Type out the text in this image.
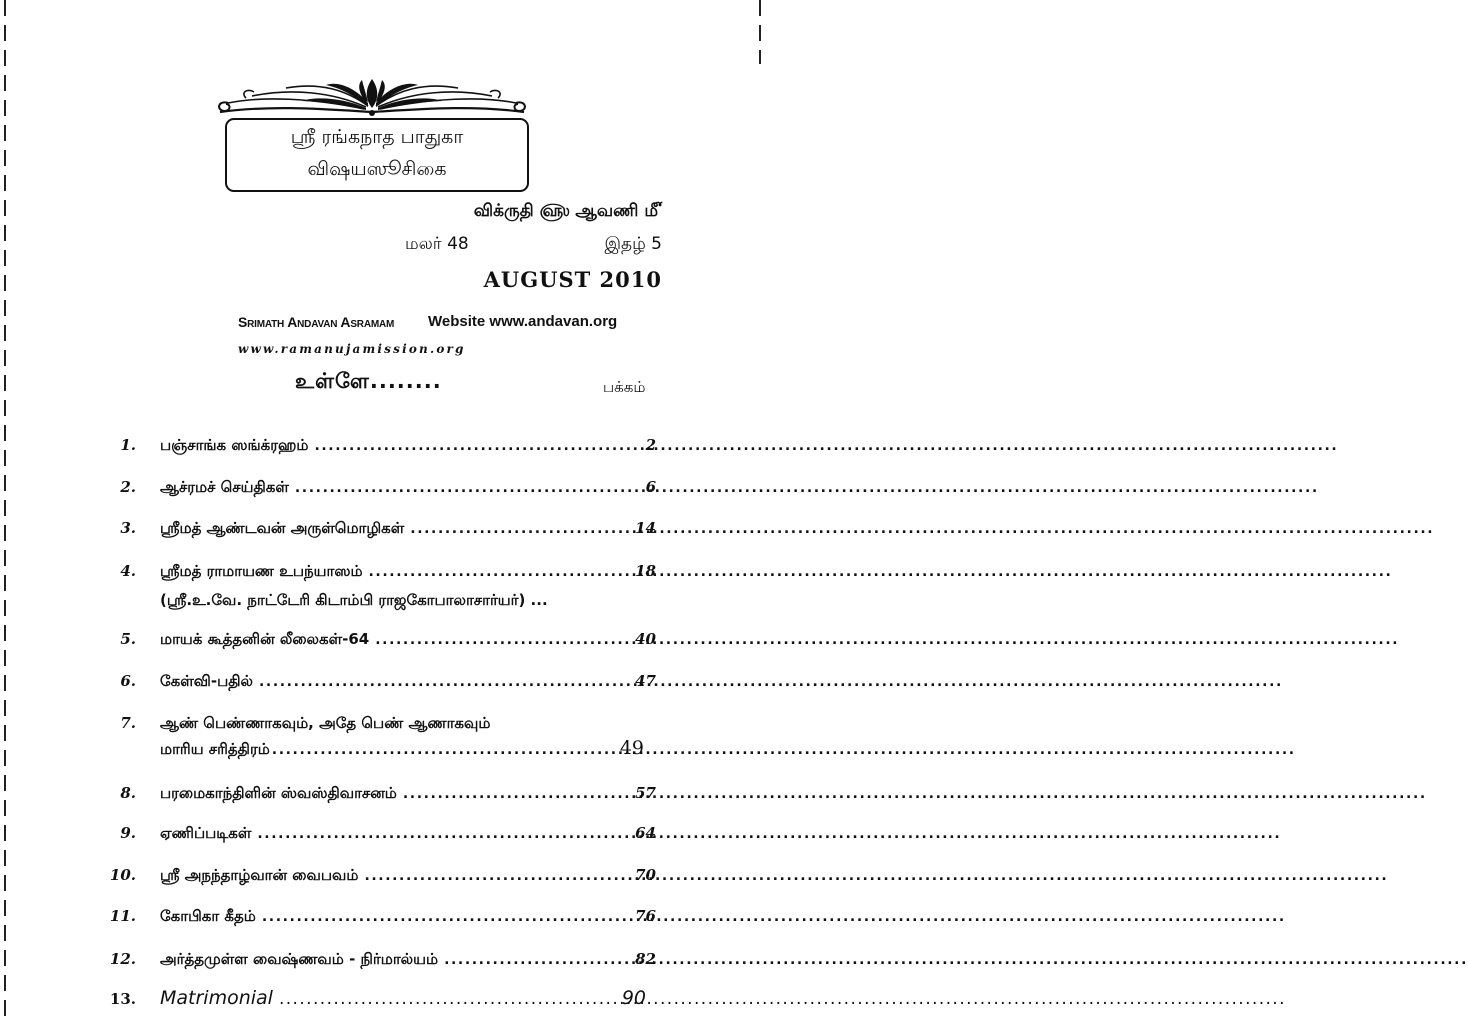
ஸ்ரீ ரங்கநாத பாதுகா
விஷயஸூசிகை
விக்ருதி ௵ ஆவணி ௴
மலர் 48	இதழ் 5
AUGUST 2010
Srimath Andavan Asramam Website www.andavan.org
www.ramanujamission.org
உள்ளே........	பக்கம்
1. பஞ்சாங்க ஸங்க்ரஹம் .....	2
2. ஆச்ரமச் செய்திகள் .....	6
3. ஸ்ரீமத் ஆண்டவன் அருள்மொழிகள் .....	14
4. ஸ்ரீமத் ராமாயண உபந்யாஸம் .....	18
(ஸ்ரீ.உ.வே. நாட்டேரி கிடாம்பி ராஜகோபாலாசார்யர்) ...
5. மாயக் கூத்தனின் லீலைகள்-64 .....	40
6. கேள்வி-பதில் .....	47
7. ஆண் பெண்ணாகவும், அதே பெண் ஆணாகவும்
மாரிய சரித்திரம் .....	49
8. பரமைகாந்திளின் ஸ்வஸ்திவாசனம் .....	57
9. ஏணிப்படிகள் .....	64
10. ஸ்ரீ அநந்தாழ்வான் வைபவம் .....	70
11. கோபிகா கீதம் .....	76
12. அர்த்தமுள்ள வைஷ்ணவம் - நிர்மால்யம் .....	82
13. Matrimonial .....	90
